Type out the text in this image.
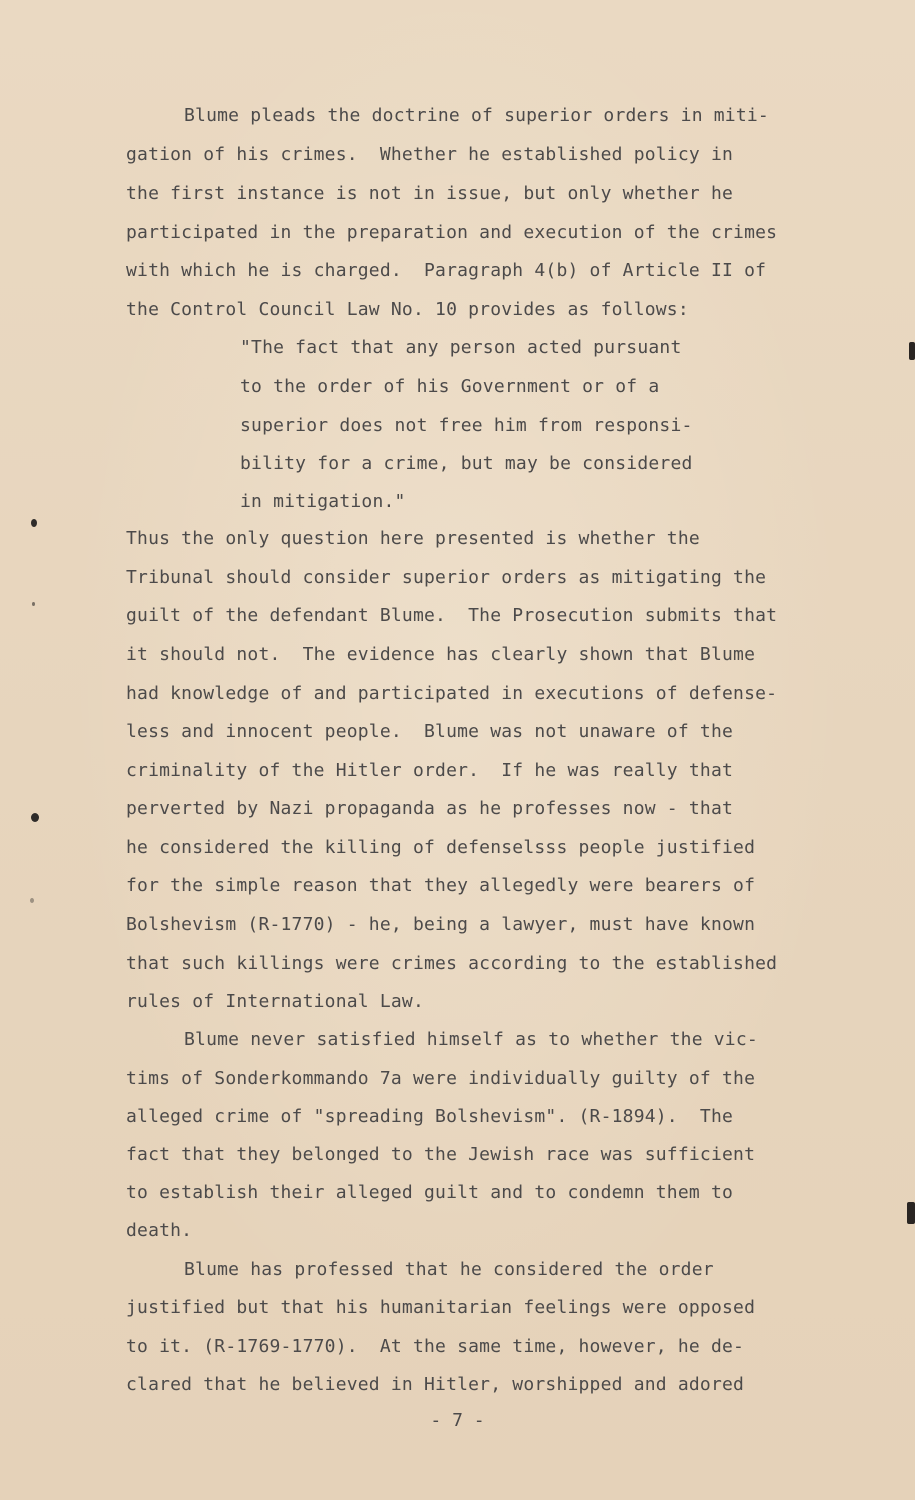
Blume pleads the doctrine of superior orders in miti-
gation of his crimes.  Whether he established policy in
the first instance is not in issue, but only whether he
participated in the preparation and execution of the crimes
with which he is charged.  Paragraph 4(b) of Article II of
the Control Council Law No. 10 provides as follows:
"The fact that any person acted pursuant
to the order of his Government or of a
superior does not free him from responsi-
bility for a crime, but may be considered
in mitigation."
Thus the only question here presented is whether the
Tribunal should consider superior orders as mitigating the
guilt of the defendant Blume.  The Prosecution submits that
it should not.  The evidence has clearly shown that Blume
had knowledge of and participated in executions of defense-
less and innocent people.  Blume was not unaware of the
criminality of the Hitler order.  If he was really that
perverted by Nazi propaganda as he professes now - that
he considered the killing of defenselsss people justified
for the simple reason that they allegedly were bearers of
Bolshevism (R-1770) - he, being a lawyer, must have known
that such killings were crimes according to the established
rules of International Law.
Blume never satisfied himself as to whether the vic-
tims of Sonderkommando 7a were individually guilty of the
alleged crime of "spreading Bolshevism". (R-1894).  The
fact that they belonged to the Jewish race was sufficient
to establish their alleged guilt and to condemn them to
death.
Blume has professed that he considered the order
justified but that his humanitarian feelings were opposed
to it. (R-1769-1770).  At the same time, however, he de-
clared that he believed in Hitler, worshipped and adored
- 7 -
